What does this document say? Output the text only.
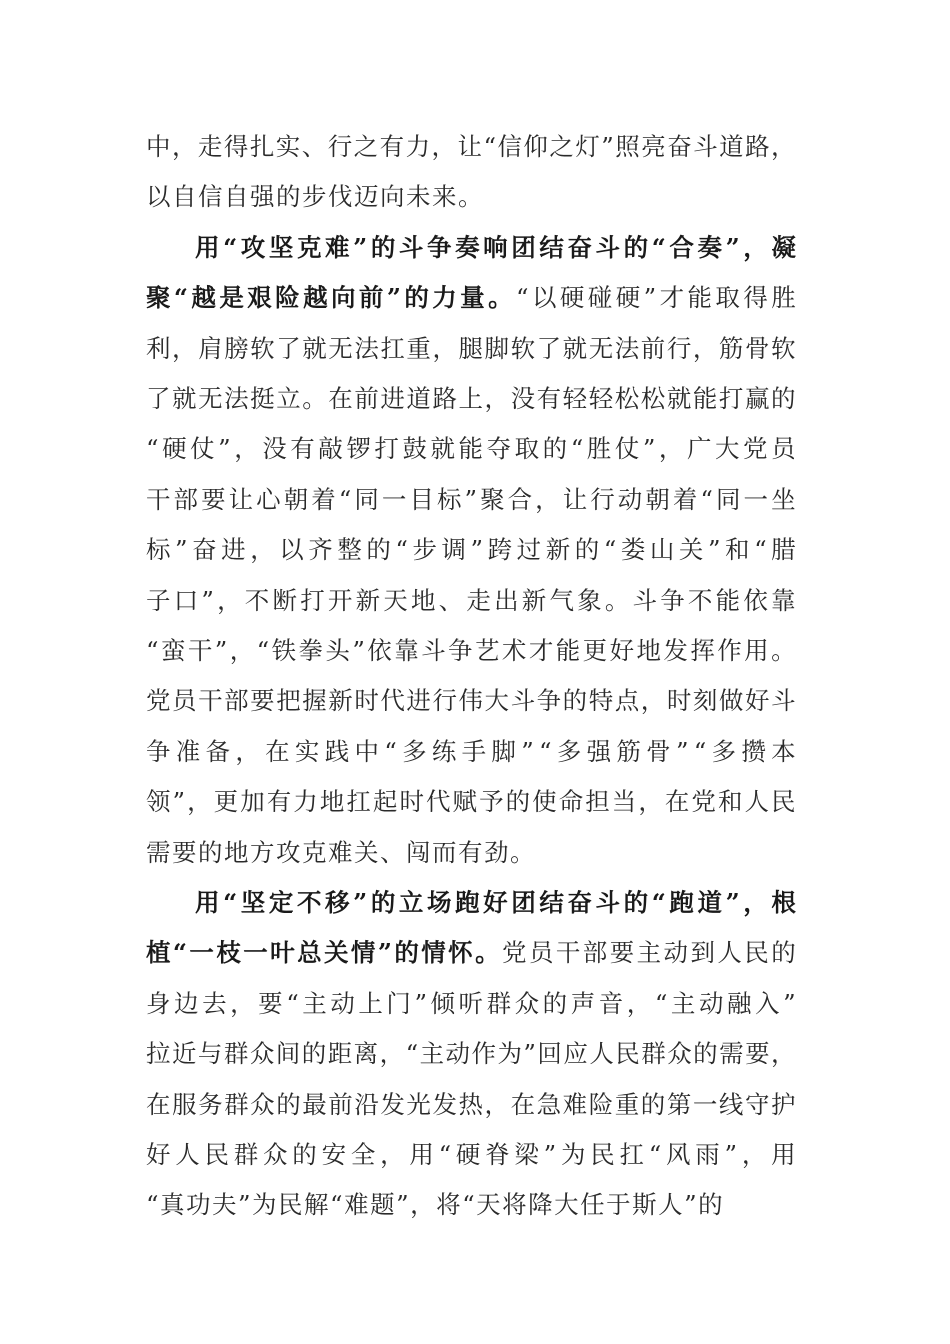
中，走得扎实、行之有力，让“信仰之灯”照亮奋斗道路，
以自信自强的步伐迈向未来。
用“攻坚克难”的斗争奏响团结奋斗的“合奏”，凝
聚“越是艰险越向前”的力量。“以硬碰硬”才能取得胜
利，肩膀软了就无法扛重，腿脚软了就无法前行，筋骨软
了就无法挺立。在前进道路上，没有轻轻松松就能打赢的
“硬仗”，没有敲锣打鼓就能夺取的“胜仗”，广大党员
干部要让心朝着“同一目标”聚合，让行动朝着“同一坐
标”奋进，以齐整的“步调”跨过新的“娄山关”和“腊
子口”，不断打开新天地、走出新气象。斗争不能依靠
“蛮干”，“铁拳头”依靠斗争艺术才能更好地发挥作用。
党员干部要把握新时代进行伟大斗争的特点，时刻做好斗
争准备，在实践中“多练手脚”“多强筋骨”“多攒本
领”，更加有力地扛起时代赋予的使命担当，在党和人民
需要的地方攻克难关、闯而有劲。
用“坚定不移”的立场跑好团结奋斗的“跑道”，根
植“一枝一叶总关情”的情怀。党员干部要主动到人民的
身边去，要“主动上门”倾听群众的声音，“主动融入”
拉近与群众间的距离，“主动作为”回应人民群众的需要，
在服务群众的最前沿发光发热，在急难险重的第一线守护
好人民群众的安全，用“硬脊梁”为民扛“风雨”，用
“真功夫”为民解“难题”，将“天将降大任于斯人”的
